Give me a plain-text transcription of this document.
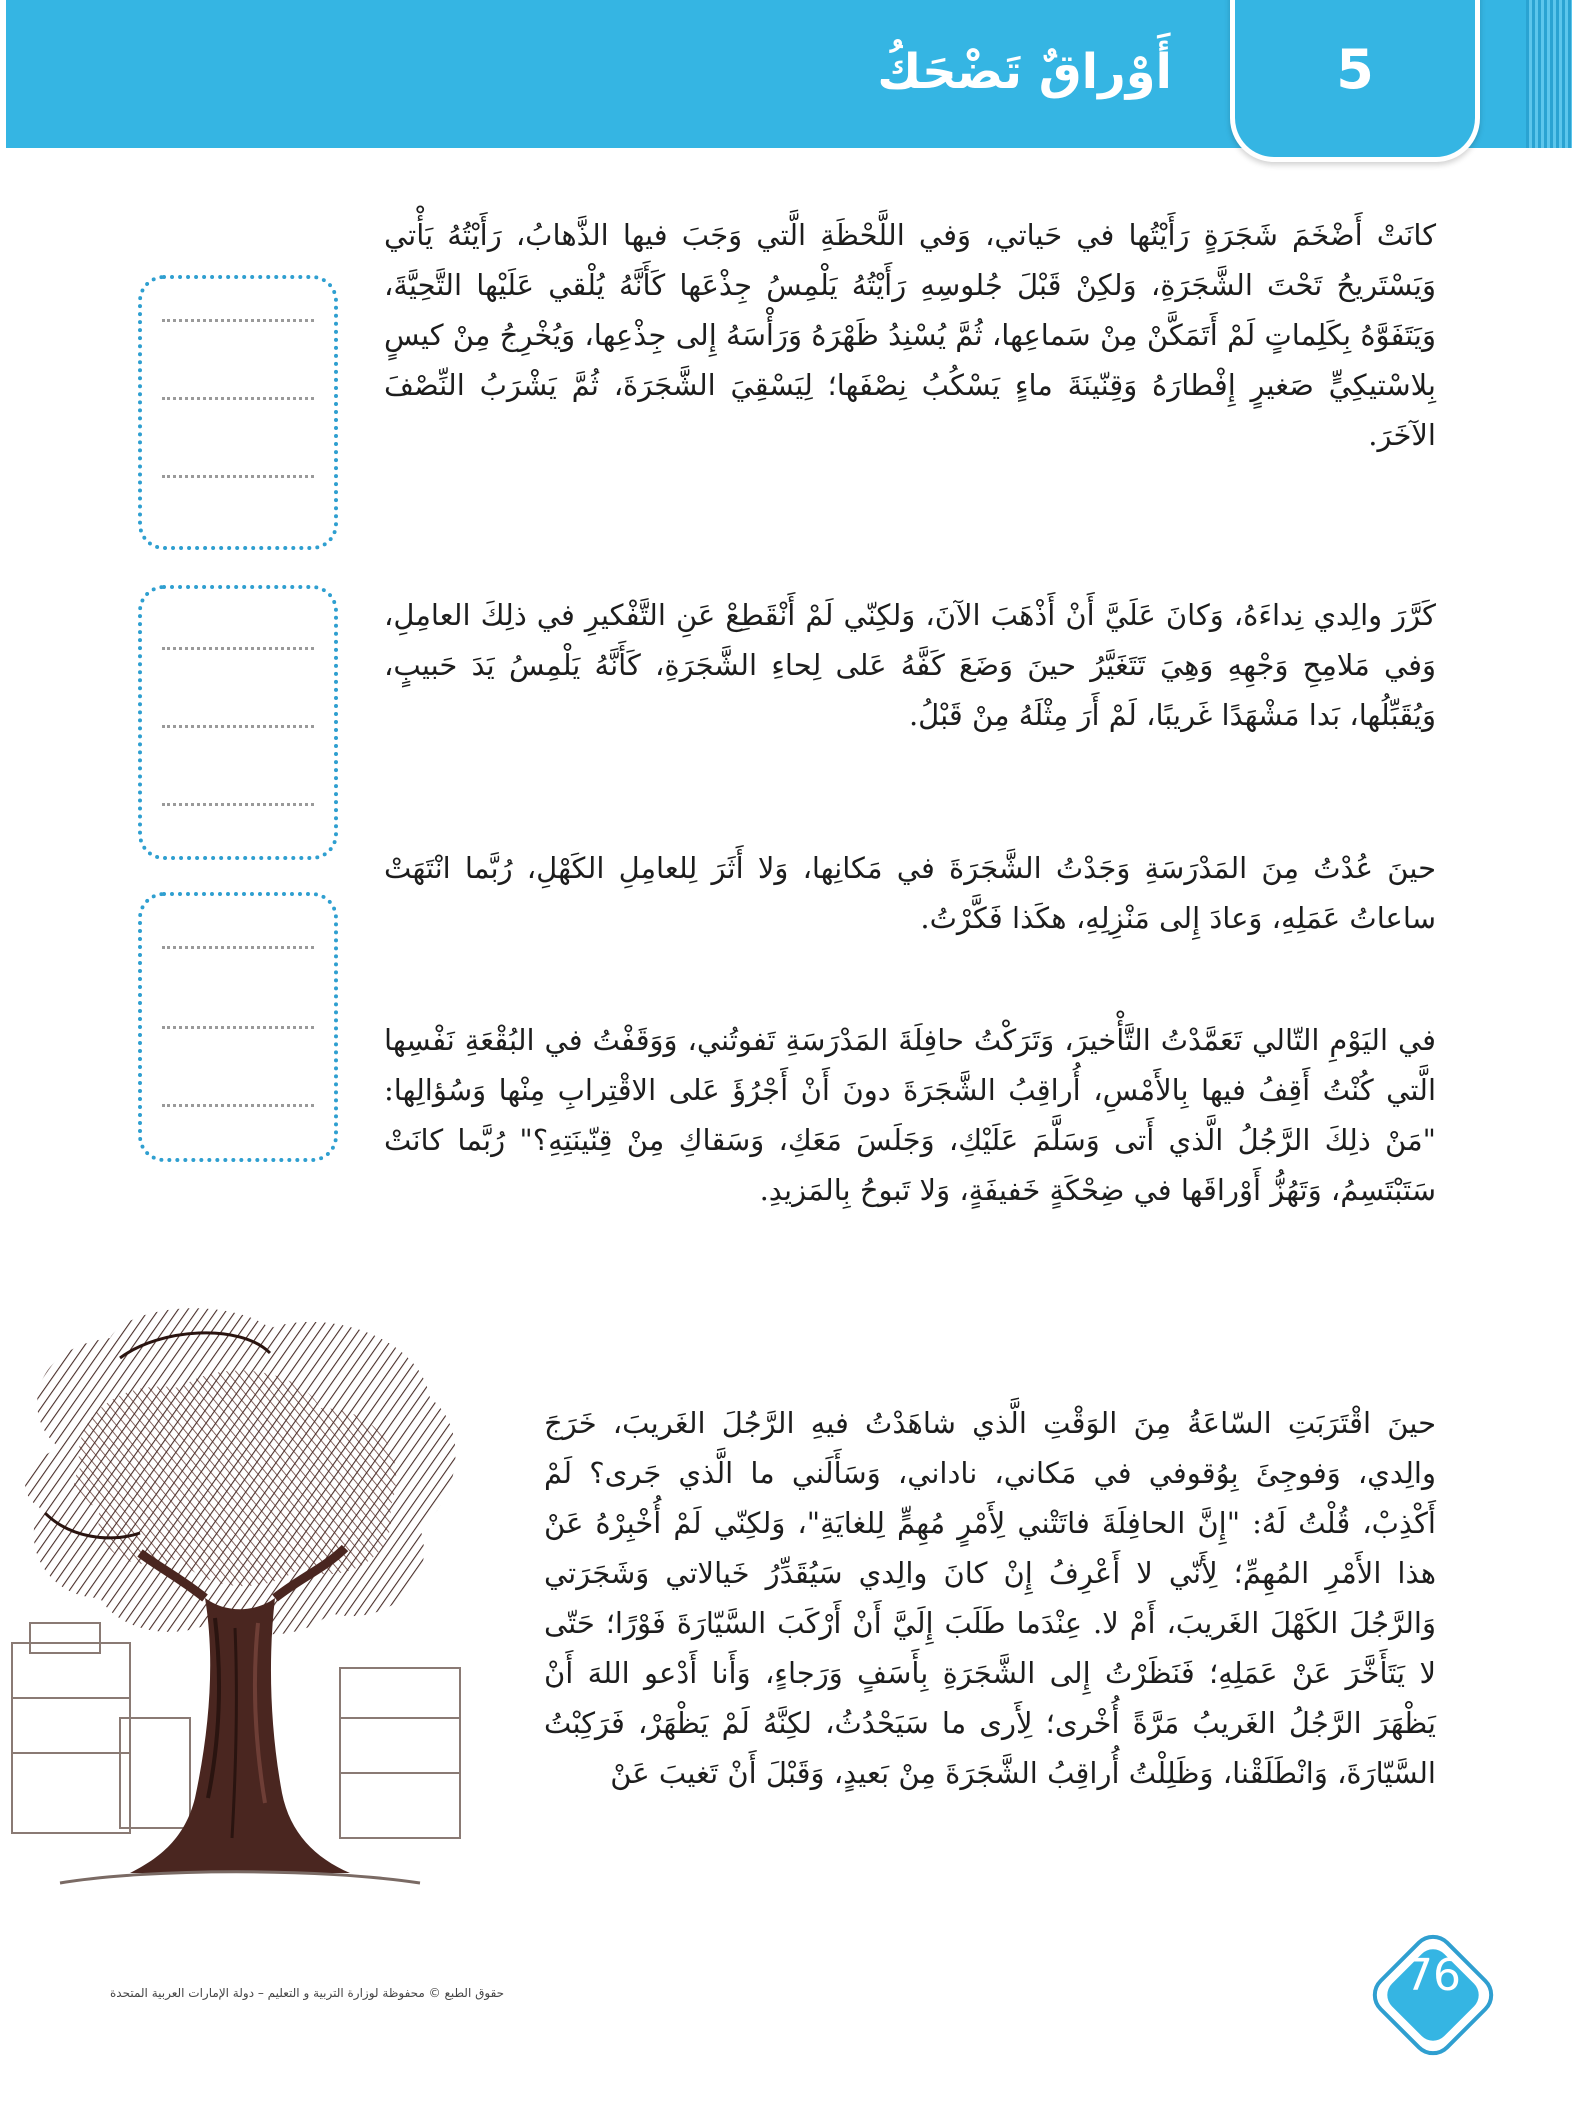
5
أَوْراقٌ تَضْحَكُ

كانَتْ أَضْخَمَ شَجَرَةٍ رَأَيْتُها في حَياتي، وَفي اللَّحْظَةِ الَّتي وَجَبَ فيها الذَّهابُ، رَأَيْتُهُ يَأْتي وَيَسْتَريحُ تَحْتَ الشَّجَرَةِ، وَلكِنْ قَبْلَ جُلوسِهِ رَأَيْتُهُ يَلْمِسُ جِذْعَها كَأَنَّهُ يُلْقي عَلَيْها التَّحِيَّةَ، وَيَتَفَوَّهُ بِكَلِماتٍ لَمْ أَتَمَكَّنْ مِنْ سَماعِها، ثُمَّ يُسْنِدُ ظَهْرَهُ وَرَأْسَهُ إِلى جِذْعِها، وَيُخْرِجُ مِنْ كيسٍ بِلاسْتيكِيٍّ صَغيرٍ إِفْطارَهُ وَقِنّينَةَ ماءٍ يَسْكُبُ نِصْفَها؛ لِيَسْقِيَ الشَّجَرَةَ، ثُمَّ يَشْرَبُ النِّصْفَ الآخَرَ.

كَرَّرَ والِدي نِداءَهُ، وَكانَ عَلَيَّ أَنْ أَذْهَبَ الآنَ، وَلكِنّي لَمْ أَنْقَطِعْ عَنِ التَّفْكيرِ في ذلِكَ العامِلِ، وَفي مَلامِحِ وَجْهِهِ وَهِيَ تَتَغَيَّرُ حينَ وَضَعَ كَفَّهُ عَلى لِحاءِ الشَّجَرَةِ، كَأَنَّهُ يَلْمِسُ يَدَ حَبيبٍ، وَيُقَبِّلُها، بَدا مَشْهَدًا غَريبًا، لَمْ أَرَ مِثْلَهُ مِنْ قَبْلُ.

حينَ عُدْتُ مِنَ المَدْرَسَةِ وَجَدْتُ الشَّجَرَةَ في مَكانِها، وَلا أَثَرَ لِلعامِلِ الكَهْلِ، رُبَّما انْتَهَتْ ساعاتُ عَمَلِهِ، وَعادَ إِلى مَنْزِلِهِ، هكَذا فَكَّرْتُ.

في اليَوْمِ التّالي تَعَمَّدْتُ التَّأْخيرَ، وَتَرَكْتُ حافِلَةَ المَدْرَسَةِ تَفوتُني، وَوَقَفْتُ في البُقْعَةِ نَفْسِها الَّتي كُنْتُ أَقِفُ فيها بِالأَمْسِ، أُراقِبُ الشَّجَرَةَ دونَ أَنْ أَجْرُؤَ عَلى الاقْتِرابِ مِنْها وَسُؤالِها: "مَنْ ذلِكَ الرَّجُلُ الَّذي أَتى وَسَلَّمَ عَلَيْكِ، وَجَلَسَ مَعَكِ، وَسَقاكِ مِنْ قِنّينَتِهِ؟" رُبَّما كانَتْ سَتَبْتَسِمُ، وَتَهُزُّ أَوْراقَها في ضِحْكَةٍ خَفيفَةٍ، وَلا تَبوحُ بِالمَزيدِ.

حينَ اقْتَرَبَتِ السّاعَةُ مِنَ الوَقْتِ الَّذي شاهَدْتُ فيهِ الرَّجُلَ الغَريبَ، خَرَجَ والِدي، وَفوجِئَ بِوُقوفي في مَكاني، ناداني، وَسَأَلَني ما الَّذي جَرى؟ لَمْ أَكْذِبْ، قُلْتُ لَهُ: "إِنَّ الحافِلَةَ فاتَتْني لِأَمْرٍ مُهِمٍّ لِلغايَةِ"، وَلكِنّي لَمْ أُخْبِرْهُ عَنْ هذا الأَمْرِ المُهِمِّ؛ لِأَنّي لا أَعْرِفُ إِنْ كانَ والِدي سَيُقَدِّرُ خَيالاتي وَشَجَرَتي وَالرَّجُلَ الكَهْلَ الغَريبَ، أَمْ لا. عِنْدَما طَلَبَ إِلَيَّ أَنْ أَرْكَبَ السَّيّارَةَ فَوْرًا؛ حَتّى لا يَتَأَخَّرَ عَنْ عَمَلِهِ؛ فَنَظَرْتُ إِلى الشَّجَرَةِ بِأَسَفٍ وَرَجاءٍ، وَأَنا أَدْعو اللهَ أَنْ يَظْهَرَ الرَّجُلُ الغَريبُ مَرَّةً أُخْرى؛ لِأَرى ما سَيَحْدُثُ، لكِنَّهُ لَمْ يَظْهَرْ، فَرَكِبْتُ السَّيّارَةَ، وَانْطَلَقْنا، وَظَلِلْتُ أُراقِبُ الشَّجَرَةَ مِنْ بَعيدٍ، وَقَبْلَ أَنْ تَغيبَ عَنْ

حقوق الطبع © محفوظة لوزارة التربية و التعليم – دولة الإمارات العربية المتحدة	76
